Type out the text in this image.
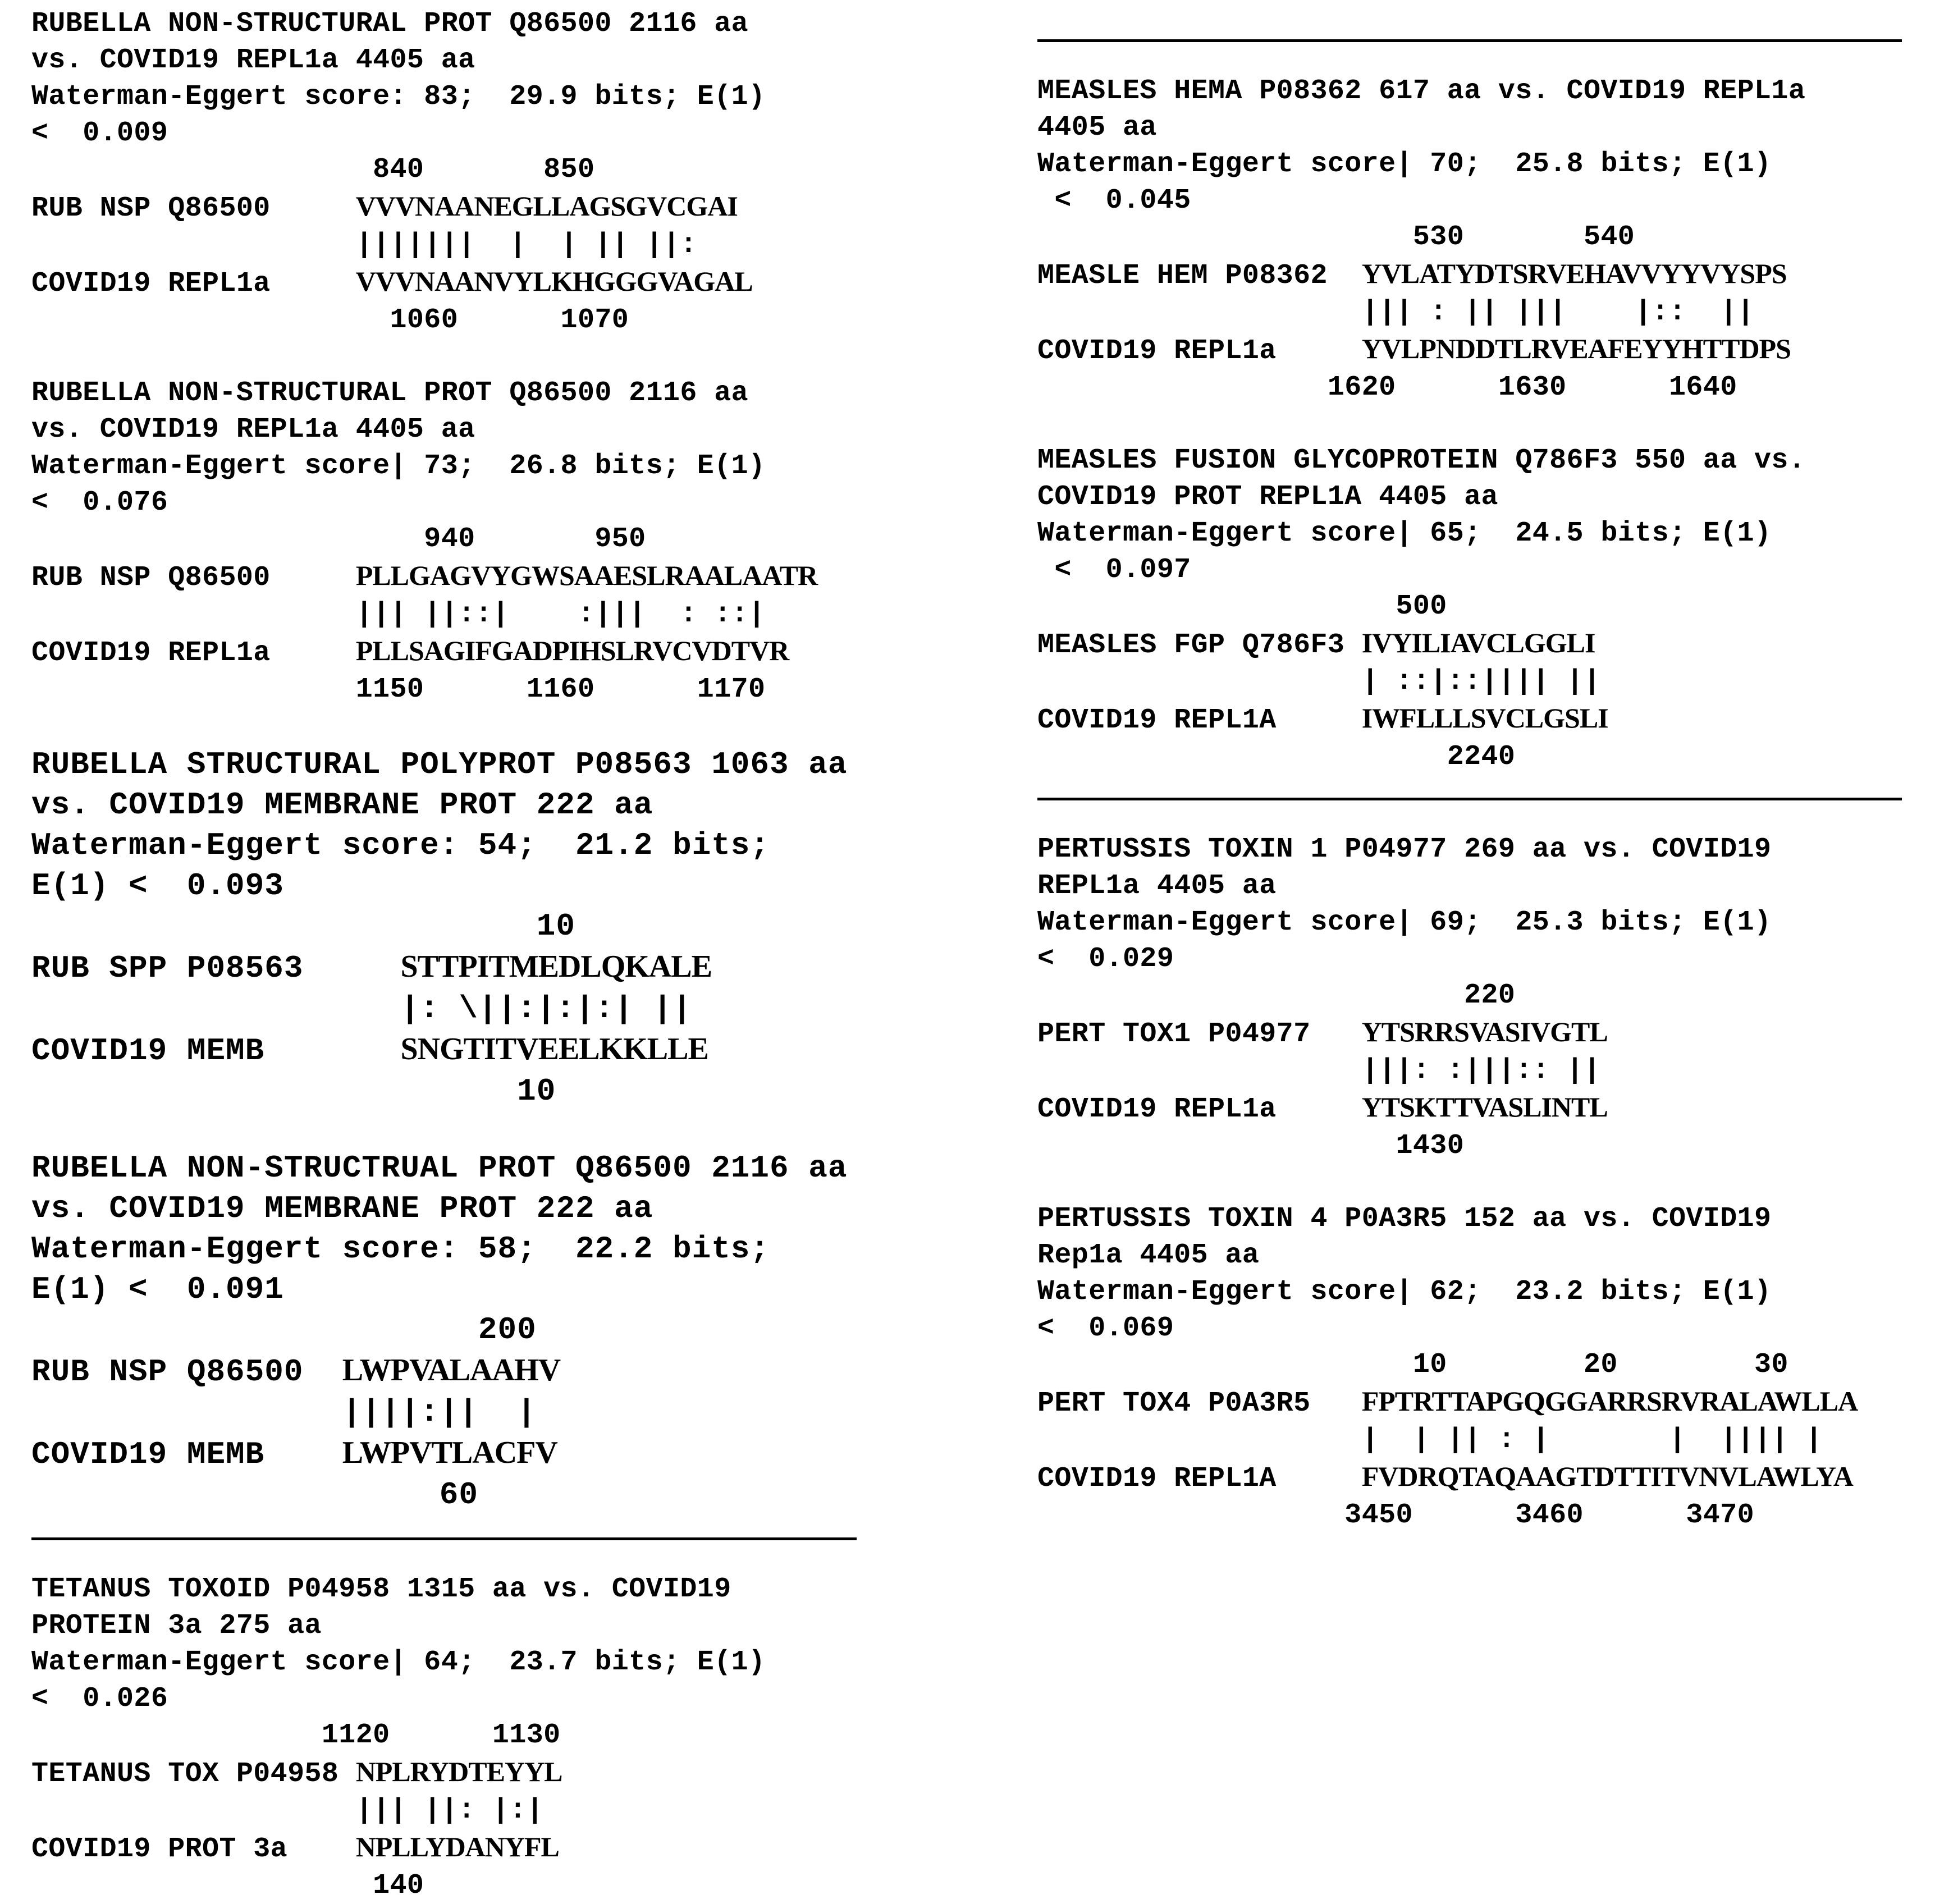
RUBELLA NON-STRUCTURAL PROT Q86500 2116 aa
vs. COVID19 REPL1a 4405 aa
Waterman-Eggert score: 83;  29.9 bits; E(1)
<  0.009
840       850
RUB NSP Q86500     VVVNAANEGLLAGSGVCGAI
|||||||  |  | || ||:
COVID19 REPL1a     VVVNAANVYLKHGGGVAGAL
1060      1070
RUBELLA NON-STRUCTURAL PROT Q86500 2116 aa
vs. COVID19 REPL1a 4405 aa
Waterman-Eggert score| 73;  26.8 bits; E(1)
<  0.076
940       950
RUB NSP Q86500     PLLGAGVYGWSAAESLRAALAATR
||| ||::|    :|||  : ::|
COVID19 REPL1a     PLLSAGIFGADPIHSLRVCVDTVR
1150      1160      1170
RUBELLA STRUCTURAL POLYPROT P08563 1063 aa
vs. COVID19 MEMBRANE PROT 222 aa
Waterman-Eggert score: 54;  21.2 bits;
E(1) <  0.093
10
RUB SPP P08563     STTPITMEDLQKALE
|: \||:|:|:| ||
COVID19 MEMB       SNGTITVEELKKLLE
10
RUBELLA NON-STRUCTRUAL PROT Q86500 2116 aa
vs. COVID19 MEMBRANE PROT 222 aa
Waterman-Eggert score: 58;  22.2 bits;
E(1) <  0.091
200
RUB NSP Q86500  LWPVALAAHV
||||:||  |
COVID19 MEMB    LWPVTLACFV
60
TETANUS TOXOID P04958 1315 aa vs. COVID19
PROTEIN 3a 275 aa
Waterman-Eggert score| 64;  23.7 bits; E(1)
<  0.026
1120      1130
TETANUS TOX P04958 NPLRYDTEYYL
||| ||: |:|
COVID19 PROT 3a    NPLLYDANYFL
140
MEASLES HEMA P08362 617 aa vs. COVID19 REPL1a
4405 aa
Waterman-Eggert score| 70;  25.8 bits; E(1)
<  0.045
530       540
MEASLE HEM P08362  YVLATYDTSRVEHAVVYYVYSPS
||| : || |||    |::  ||
COVID19 REPL1a     YVLPNDDTLRVEAFEYYHTTDPS
1620      1630      1640
MEASLES FUSION GLYCOPROTEIN Q786F3 550 aa vs.
COVID19 PROT REPL1A 4405 aa
Waterman-Eggert score| 65;  24.5 bits; E(1)
<  0.097
500
MEASLES FGP Q786F3 IVYILIAVCLGGLI
| ::|::|||| ||
COVID19 REPL1A     IWFLLLSVCLGSLI
2240
PERTUSSIS TOXIN 1 P04977 269 aa vs. COVID19
REPL1a 4405 aa
Waterman-Eggert score| 69;  25.3 bits; E(1)
<  0.029
220
PERT TOX1 P04977   YTSRRSVASIVGTL
|||: :|||:: ||
COVID19 REPL1a     YTSKTTVASLINTL
1430
PERTUSSIS TOXIN 4 P0A3R5 152 aa vs. COVID19
Rep1a 4405 aa
Waterman-Eggert score| 62;  23.2 bits; E(1)
<  0.069
10        20        30
PERT TOX4 P0A3R5   FPTRTTAPGQGGARRSRVRALAWLLA
|  | || : |       |  |||| |
COVID19 REPL1A     FVDRQTAQAAGTDTTITVNVLAWLYA
3450      3460      3470
